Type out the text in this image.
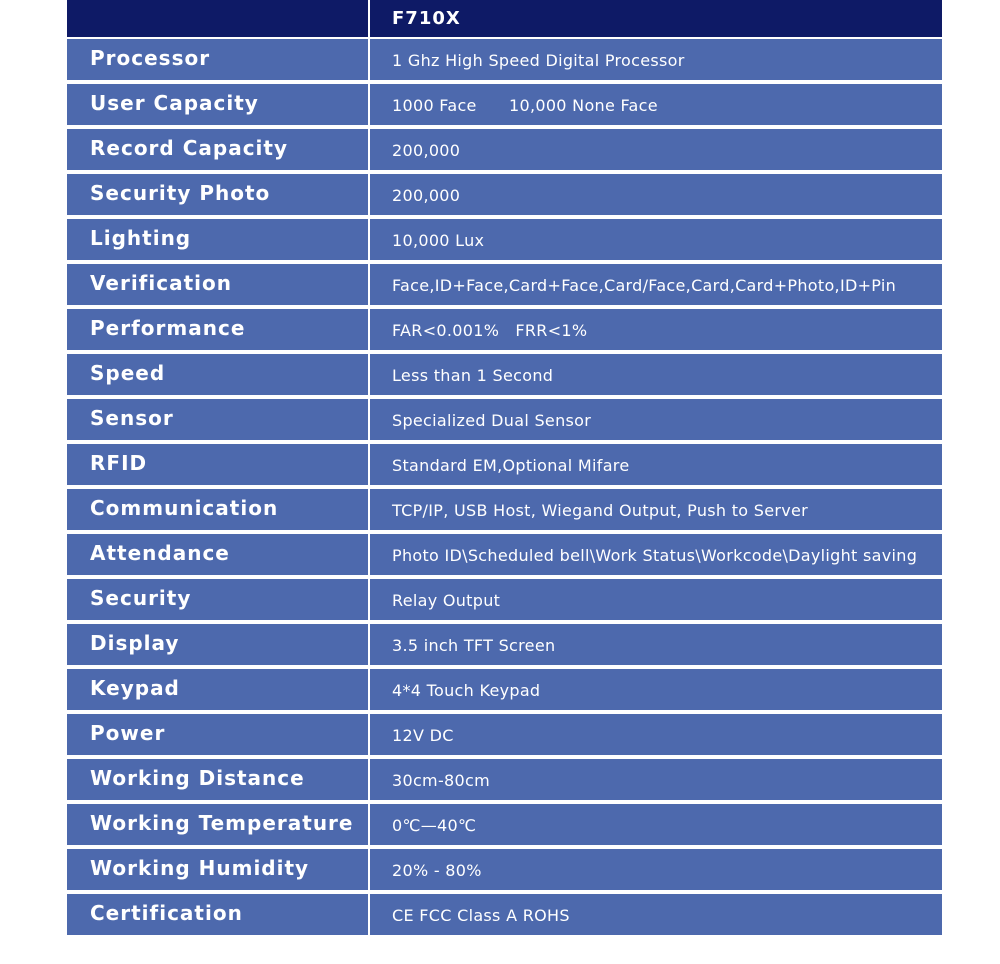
F710X
Processor	1 Ghz High Speed Digital Processor
User Capacity	1000 Face      10,000 None Face
Record Capacity	200,000
Security Photo	200,000
Lighting	10,000 Lux
Verification	Face,ID+Face,Card+Face,Card/Face,Card,Card+Photo,ID+Pin
Performance	FAR<0.001%   FRR<1%
Speed	Less than 1 Second
Sensor	Specialized Dual Sensor
RFID	Standard EM,Optional Mifare
Communication	TCP/IP, USB Host, Wiegand Output, Push to Server
Attendance	Photo ID\Scheduled bell\Work Status\Workcode\Daylight saving
Security	Relay Output
Display	3.5 inch TFT Screen
Keypad	4*4 Touch Keypad
Power	12V DC
Working Distance	30cm-80cm
Working Temperature	0℃—40℃
Working Humidity	20% - 80%
Certification	CE FCC Class A ROHS
